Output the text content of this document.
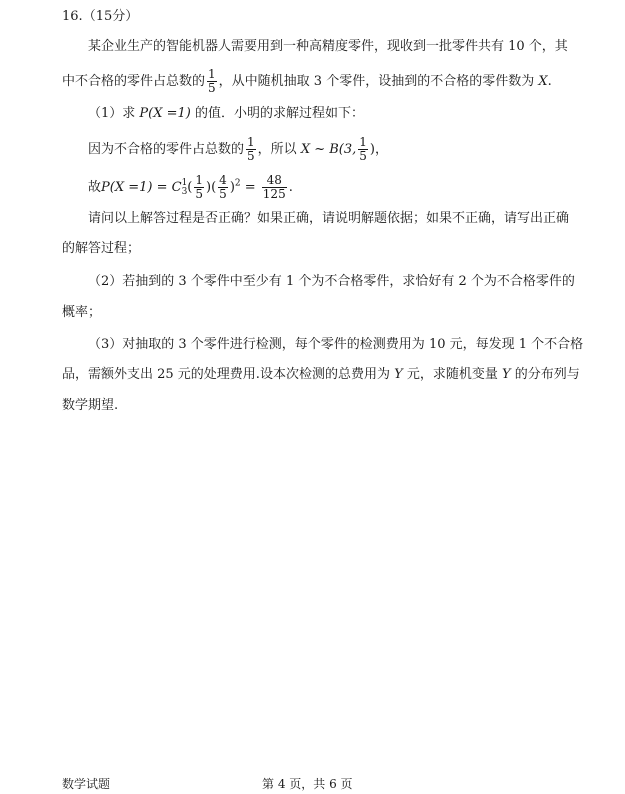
16.（15分）
某企业生产的智能机器人需要用到一种高精度零件，现收到一批零件共有 10 个，其
中不合格的零件占总数的 $\frac{1}{5}$ ，从中随机抽取 3 个零件，设抽到的不合格的零件数为 X.
（1）求 P(X =1) 的值．小明的求解过程如下：
因为不合格的零件占总数的 $\frac{1}{5}$ ，所以 X ~ B(3, $\frac{1}{5}$ )，
故P(X =1) = C 1
3 ( $\frac{1}{5}$ )( $\frac{4}{5} )^2 = \frac{48}{125}$ .
请问以上解答过程是否正确？如果正确，请说明解题依据；如果不正确，请写出正确
的解答过程；
（2）若抽到的 3 个零件中至少有 1 个为不合格零件，求恰好有 2 个为不合格零件的
概率；
（3）对抽取的 3 个零件进行检测，每个零件的检测费用为 10 元，每发现 1 个不合格
品，需额外支出 25 元的处理费用.设本次检测的总费用为 Y 元，求随机变量 Y 的分布列与
数学期望.
数学试题	第 4 页，共 6 页
